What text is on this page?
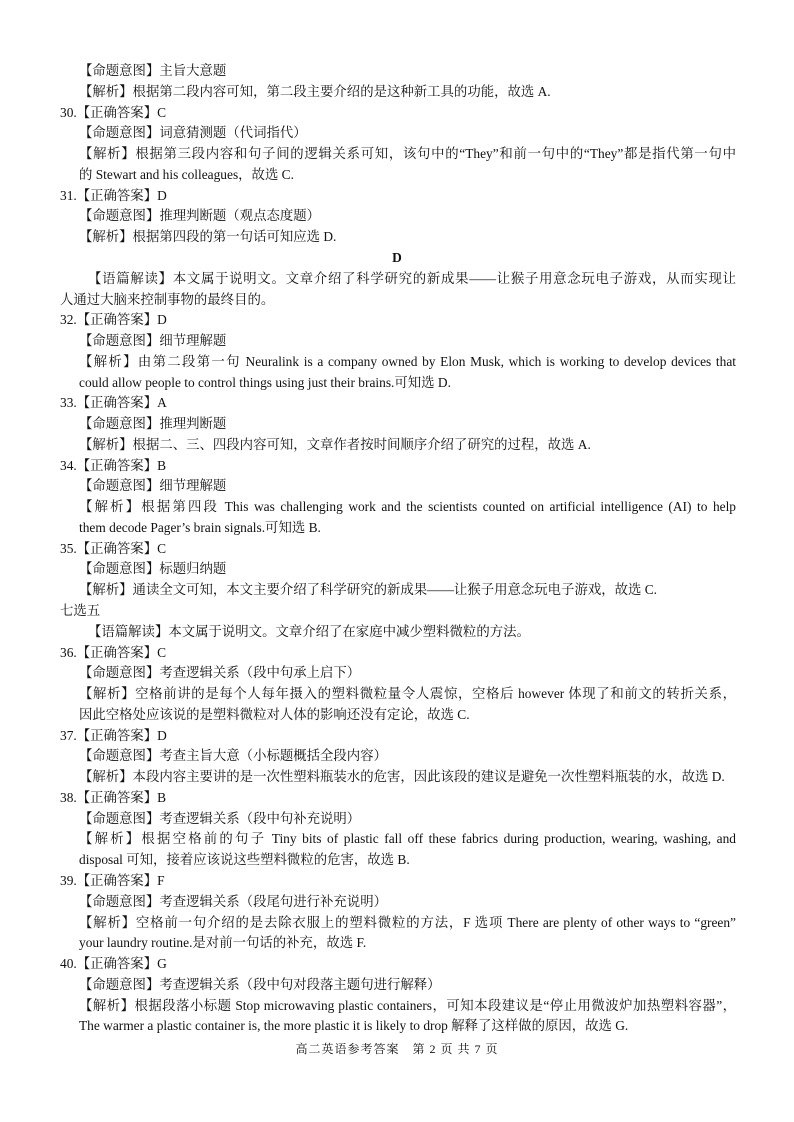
【命题意图】主旨大意题
【解析】根据第二段内容可知，第二段主要介绍的是这种新工具的功能，故选 A.
30.【正确答案】C
【命题意图】词意猜测题（代词指代）
【解析】根据第三段内容和句子间的逻辑关系可知，该句中的“They”和前一句中的“They”都是指代第一句中
的 Stewart and his colleagues，故选 C.
31.【正确答案】D
【命题意图】推理判断题（观点态度题）
【解析】根据第四段的第一句话可知应选 D.
D
【语篇解读】本文属于说明文。文章介绍了科学研究的新成果——让猴子用意念玩电子游戏，从而实现让
人通过大脑来控制事物的最终目的。
32.【正确答案】D
【命题意图】细节理解题
【解析】由第二段第一句 Neuralink is a company owned by Elon Musk, which is working to develop devices that
could allow people to control things using just their brains.可知选 D.
33.【正确答案】A
【命题意图】推理判断题
【解析】根据二、三、四段内容可知，文章作者按时间顺序介绍了研究的过程，故选 A.
34.【正确答案】B
【命题意图】细节理解题
【解析】根据第四段 This was challenging work and the scientists counted on artificial intelligence (AI) to help
them decode Pager’s brain signals.可知选 B.
35.【正确答案】C
【命题意图】标题归纳题
【解析】通读全文可知，本文主要介绍了科学研究的新成果——让猴子用意念玩电子游戏，故选 C.
七选五
【语篇解读】本文属于说明文。文章介绍了在家庭中减少塑料微粒的方法。
36.【正确答案】C
【命题意图】考查逻辑关系（段中句承上启下）
【解析】空格前讲的是每个人每年摄入的塑料微粒量令人震惊，空格后 however 体现了和前文的转折关系，
因此空格处应该说的是塑料微粒对人体的影响还没有定论，故选 C.
37.【正确答案】D
【命题意图】考查主旨大意（小标题概括全段内容）
【解析】本段内容主要讲的是一次性塑料瓶装水的危害，因此该段的建议是避免一次性塑料瓶装的水，故选 D.
38.【正确答案】B
【命题意图】考查逻辑关系（段中句补充说明）
【解析】根据空格前的句子 Tiny bits of plastic fall off these fabrics during production, wearing, washing, and
disposal 可知，接着应该说这些塑料微粒的危害，故选 B.
39.【正确答案】F
【命题意图】考查逻辑关系（段尾句进行补充说明）
【解析】空格前一句介绍的是去除衣服上的塑料微粒的方法，F 选项 There are plenty of other ways to “green”
your laundry routine.是对前一句话的补充，故选 F.
40.【正确答案】G
【命题意图】考查逻辑关系（段中句对段落主题句进行解释）
【解析】根据段落小标题 Stop microwaving plastic containers，可知本段建议是“停止用微波炉加热塑料容器”，
The warmer a plastic container is, the more plastic it is likely to drop 解释了这样做的原因，故选 G.
高二英语参考答案　第 2 页 共 7 页
